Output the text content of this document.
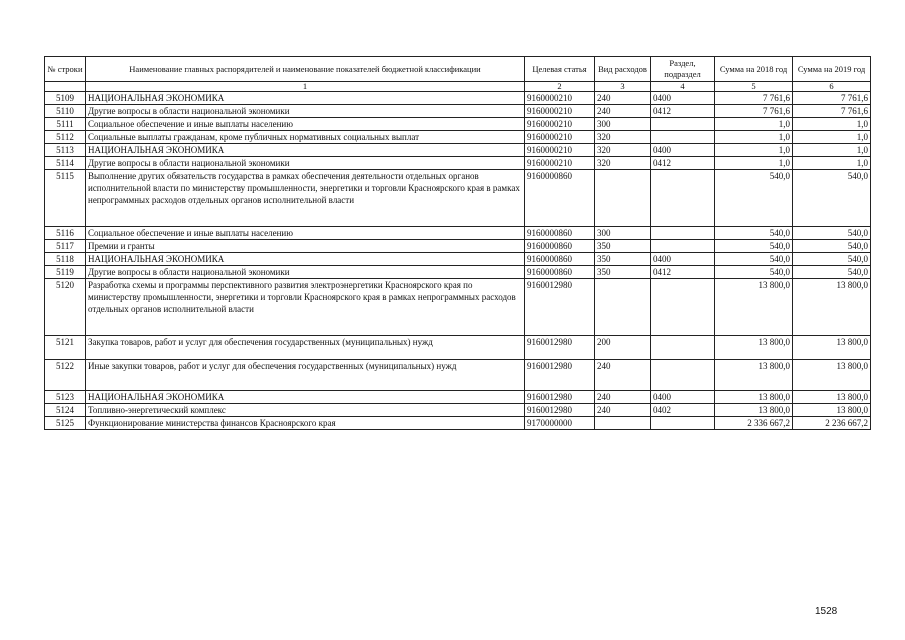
№ строки	Наименование главных распорядителей и наименование показателей бюджетной классификации	Целевая статья	Вид расходов	Раздел, подраздел	Сумма на 2018 год	Сумма на 2019 год
	1	2	3	4	5	6
5109	НАЦИОНАЛЬНАЯ ЭКОНОМИКА	9160000210	240	0400	7 761,6	7 761,6
5110	Другие вопросы в области национальной экономики	9160000210	240	0412	7 761,6	7 761,6
5111	Социальное обеспечение и иные выплаты населению	9160000210	300		1,0	1,0
5112	Социальные выплаты гражданам, кроме публичных нормативных социальных выплат	9160000210	320		1,0	1,0
5113	НАЦИОНАЛЬНАЯ ЭКОНОМИКА	9160000210	320	0400	1,0	1,0
5114	Другие вопросы в области национальной экономики	9160000210	320	0412	1,0	1,0
5115	Выполнение других обязательств государства в рамках обеспечения деятельности отдельных органов исполнительной власти по министерству промышленности, энергетики и торговли Красноярского края в рамках непрограммных расходов отдельных органов исполнительной власти	9160000860			540,0	540,0
5116	Социальное обеспечение и иные выплаты населению	9160000860	300		540,0	540,0
5117	Премии и гранты	9160000860	350		540,0	540,0
5118	НАЦИОНАЛЬНАЯ ЭКОНОМИКА	9160000860	350	0400	540,0	540,0
5119	Другие вопросы в области национальной экономики	9160000860	350	0412	540,0	540,0
5120	Разработка схемы и программы перспективного развития электроэнергетики Красноярского края по министерству промышленности, энергетики и торговли Красноярского края в рамках непрограммных расходов отдельных органов исполнительной власти	9160012980			13 800,0	13 800,0
5121	Закупка товаров, работ и услуг для обеспечения государственных (муниципальных) нужд	9160012980	200		13 800,0	13 800,0
5122	Иные закупки товаров, работ и услуг для обеспечения государственных (муниципальных) нужд	9160012980	240		13 800,0	13 800,0
5123	НАЦИОНАЛЬНАЯ ЭКОНОМИКА	9160012980	240	0400	13 800,0	13 800,0
5124	Топливно-энергетический комплекс	9160012980	240	0402	13 800,0	13 800,0
5125	Функционирование министерства финансов Красноярского края	9170000000			2 336 667,2	2 236 667,2
1528
